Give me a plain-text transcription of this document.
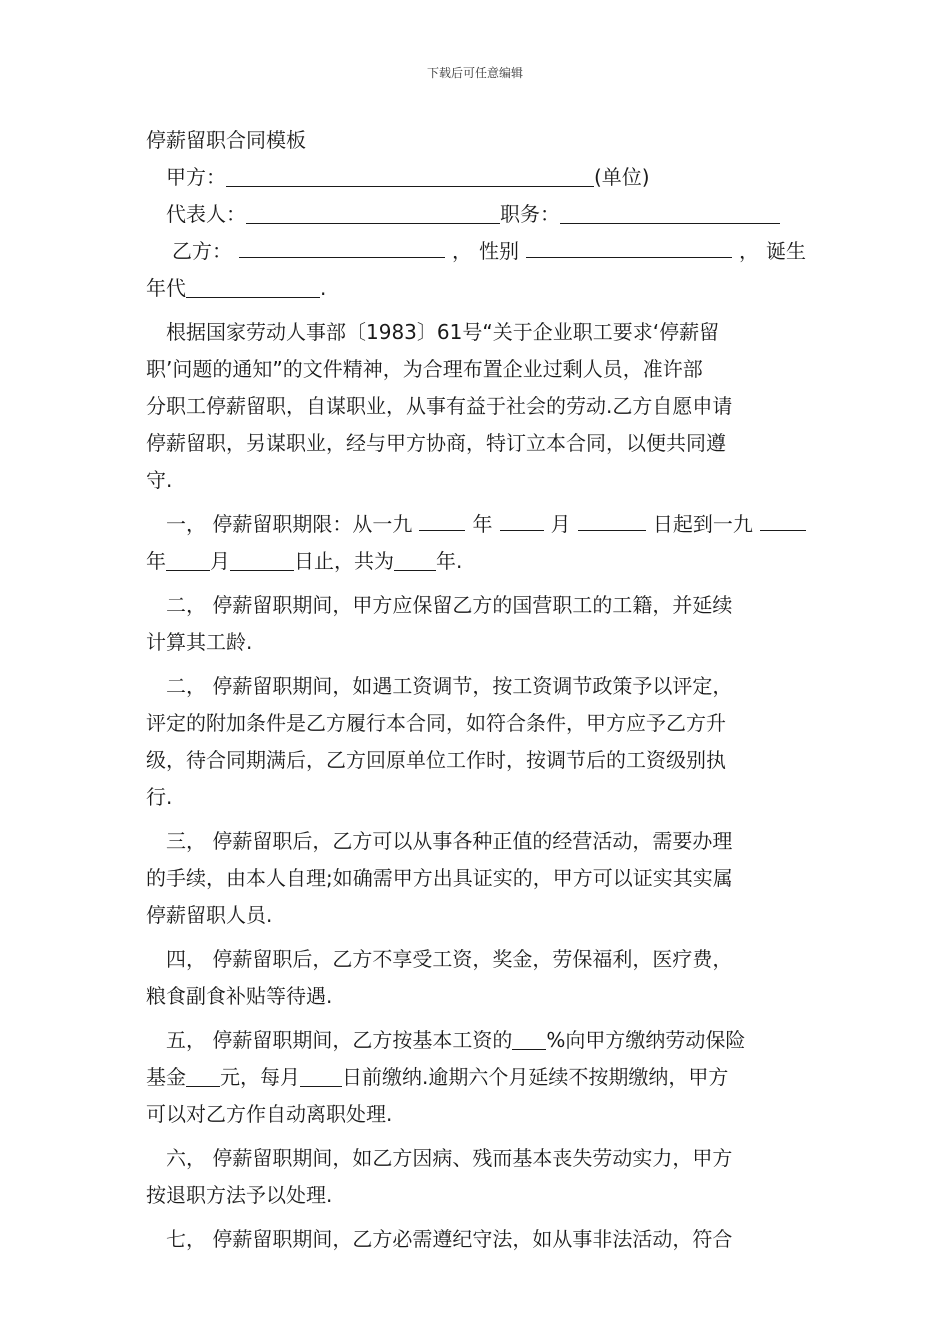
下载后可任意编辑

停薪留职合同模板

甲方：	(单位)

代表人：	职务：

乙方：	， 性别	， 诞生

年代	.

根据国家劳动人事部〔1983〕61号“关于企业职工要求‘停薪留

职’问题的通知”的文件精神，为合理布置企业过剩人员，准许部

分职工停薪留职，自谋职业，从事有益于社会的劳动.乙方自愿申请

停薪留职，另谋职业，经与甲方协商，特订立本合同，以便共同遵

守.

一， 停薪留职期限：从一九	年	月	日起到一九

年 月	日止，共为 年.

二， 停薪留职期间，甲方应保留乙方的国营职工的工籍，并延续

计算其工龄.

二， 停薪留职期间，如遇工资调节，按工资调节政策予以评定，

评定的附加条件是乙方履行本合同，如符合条件，甲方应予乙方升

级，待合同期满后，乙方回原单位工作时，按调节后的工资级别执

行.

三， 停薪留职后，乙方可以从事各种正值的经营活动，需要办理

的手续，由本人自理;如确需甲方出具证实的，甲方可以证实其实属

停薪留职人员.

四， 停薪留职后，乙方不享受工资，奖金，劳保福利，医疗费，

粮食副食补贴等待遇.

五， 停薪留职期间，乙方按基本工资的 %向甲方缴纳劳动保险

基金 元，每月 日前缴纳.逾期六个月延续不按期缴纳，甲方

可以对乙方作自动离职处理.

六， 停薪留职期间，如乙方因病、残而基本丧失劳动实力，甲方

按退职方法予以处理.

七， 停薪留职期间，乙方必需遵纪守法，如从事非法活动，符合
